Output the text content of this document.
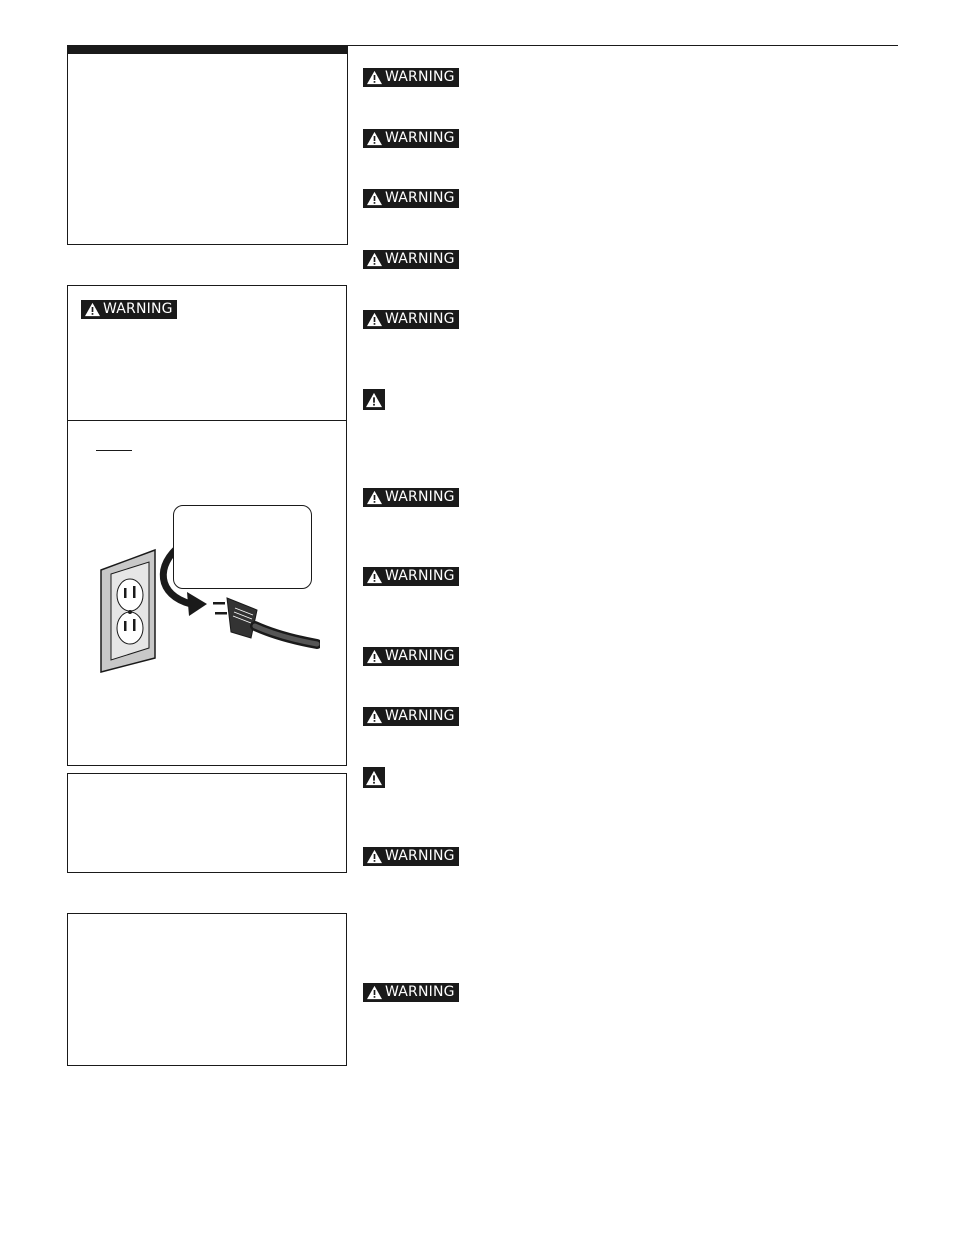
WARNING
WARNING
WARNING
WARNING
WARNING
WARNING
WARNING
WARNING
WARNING
WARNING
WARNING
WARNING
